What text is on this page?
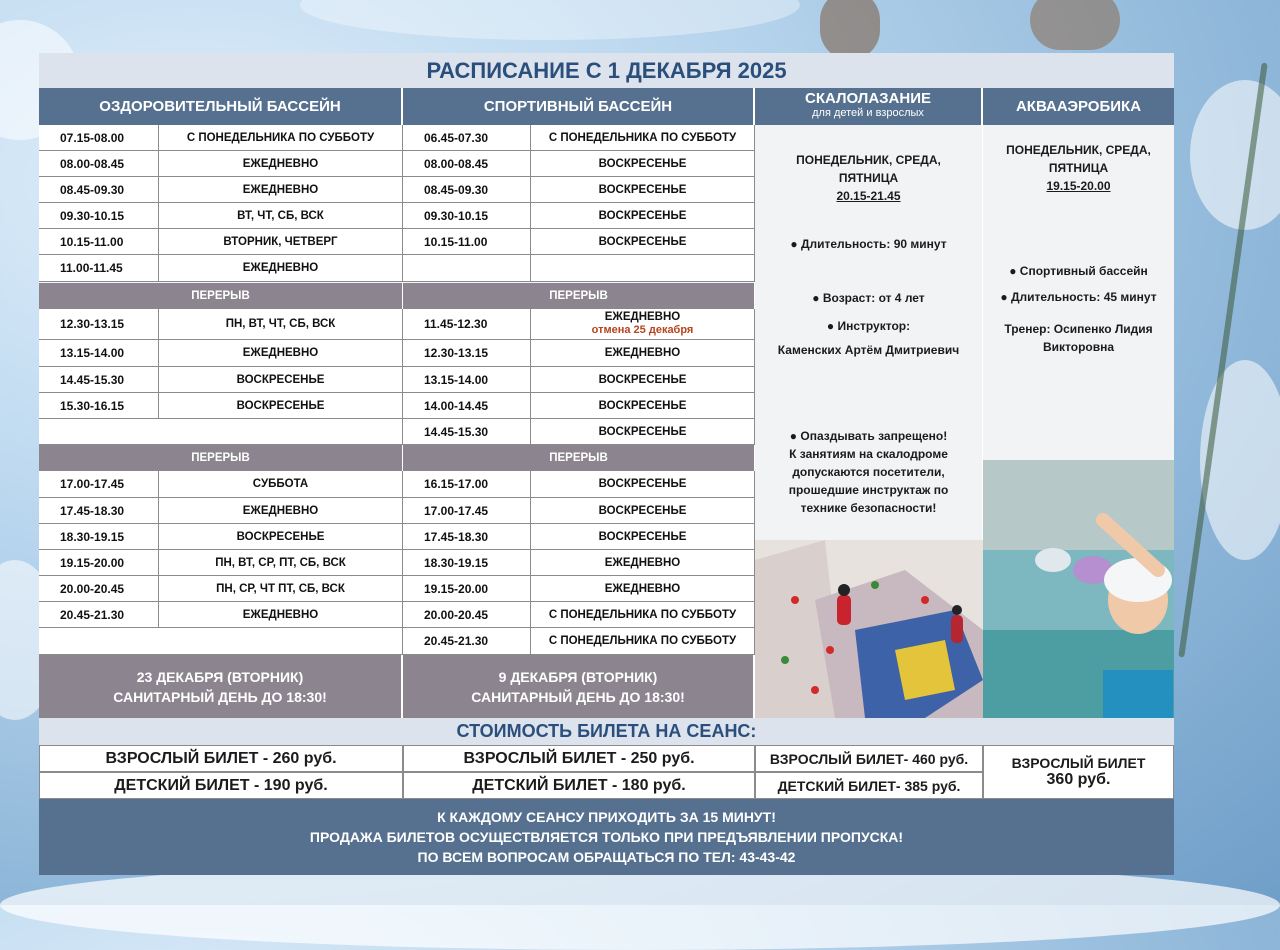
РАСПИСАНИЕ С 1 ДЕКАБРЯ 2025
ОЗДОРОВИТЕЛЬНЫЙ БАССЕЙН	СПОРТИВНЫЙ БАССЕЙН	СКАЛОЛАЗАНИЕ
для детей и взрослых	АКВААЭРОБИКА
07.15-08.00	С ПОНЕДЕЛЬНИКА ПО СУББОТУ
08.00-08.45	ЕЖЕДНЕВНО
08.45-09.30	ЕЖЕДНЕВНО
09.30-10.15	ВТ, ЧТ, СБ, ВСК
10.15-11.00	ВТОРНИК, ЧЕТВЕРГ
11.00-11.45	ЕЖЕДНЕВНО
06.45-07.30	С ПОНЕДЕЛЬНИКА ПО СУББОТУ
08.00-08.45	ВОСКРЕСЕНЬЕ
08.45-09.30	ВОСКРЕСЕНЬЕ
09.30-10.15	ВОСКРЕСЕНЬЕ
10.15-11.00	ВОСКРЕСЕНЬЕ
ПЕРЕРЫВ	ПЕРЕРЫВ
12.30-13.15	ПН, ВТ, ЧТ, СБ, ВСК
13.15-14.00	ЕЖЕДНЕВНО
14.45-15.30	ВОСКРЕСЕНЬЕ
15.30-16.15	ВОСКРЕСЕНЬЕ
11.45-12.30	ЕЖЕДНЕВНО
отмена 25 декабря
12.30-13.15	ЕЖЕДНЕВНО
13.15-14.00	ВОСКРЕСЕНЬЕ
14.00-14.45	ВОСКРЕСЕНЬЕ
14.45-15.30	ВОСКРЕСЕНЬЕ
ПЕРЕРЫВ	ПЕРЕРЫВ
17.00-17.45	СУББОТА
17.45-18.30	ЕЖЕДНЕВНО
18.30-19.15	ВОСКРЕСЕНЬЕ
19.15-20.00	ПН, ВТ, СР, ПТ, СБ, ВСК
20.00-20.45	ПН, СР, ЧТ ПТ, СБ, ВСК
20.45-21.30	ЕЖЕДНЕВНО
16.15-17.00	ВОСКРЕСЕНЬЕ
17.00-17.45	ВОСКРЕСЕНЬЕ
17.45-18.30	ВОСКРЕСЕНЬЕ
18.30-19.15	ЕЖЕДНЕВНО
19.15-20.00	ЕЖЕДНЕВНО
20.00-20.45	С ПОНЕДЕЛЬНИКА ПО СУББОТУ
20.45-21.30	С ПОНЕДЕЛЬНИКА ПО СУББОТУ
23 ДЕКАБРЯ (ВТОРНИК)
САНИТАРНЫЙ ДЕНЬ ДО 18:30!
9 ДЕКАБРЯ (ВТОРНИК)
САНИТАРНЫЙ ДЕНЬ ДО 18:30!

ПОНЕДЕЛЬНИК, СРЕДА,

ПЯТНИЦА

20.15-21.45

● Длительность: 90 минут

● Возраст: от 4 лет

● Инструктор:

Каменских Артём Дмитриевич

● Опаздывать запрещено!

К занятиям на скалодроме

допускаются посетители,

прошедшие инструктаж по

технике безопасности!

ПОНЕДЕЛЬНИК, СРЕДА,

ПЯТНИЦА

19.15-20.00

● Спортивный бассейн

● Длительность: 45 минут

Тренер: Осипенко Лидия

Викторовна

СТОИМОСТЬ БИЛЕТА НА СЕАНС:
ВЗРОСЛЫЙ БИЛЕТ - 260 руб.
ДЕТСКИЙ БИЛЕТ - 190 руб.
ВЗРОСЛЫЙ БИЛЕТ - 250 руб.
ДЕТСКИЙ БИЛЕТ - 180 руб.
ВЗРОСЛЫЙ БИЛЕТ- 460 руб.
ДЕТСКИЙ БИЛЕТ- 385 руб.
ВЗРОСЛЫЙ БИЛЕТ
360 руб.
К КАЖДОМУ СЕАНСУ ПРИХОДИТЬ ЗА 15 МИНУТ!
ПРОДАЖА БИЛЕТОВ ОСУЩЕСТВЛЯЕТСЯ ТОЛЬКО ПРИ ПРЕДЪЯВЛЕНИИ ПРОПУСКА!
ПО ВСЕМ ВОПРОСАМ ОБРАЩАТЬСЯ ПО ТЕЛ: 43-43-42
